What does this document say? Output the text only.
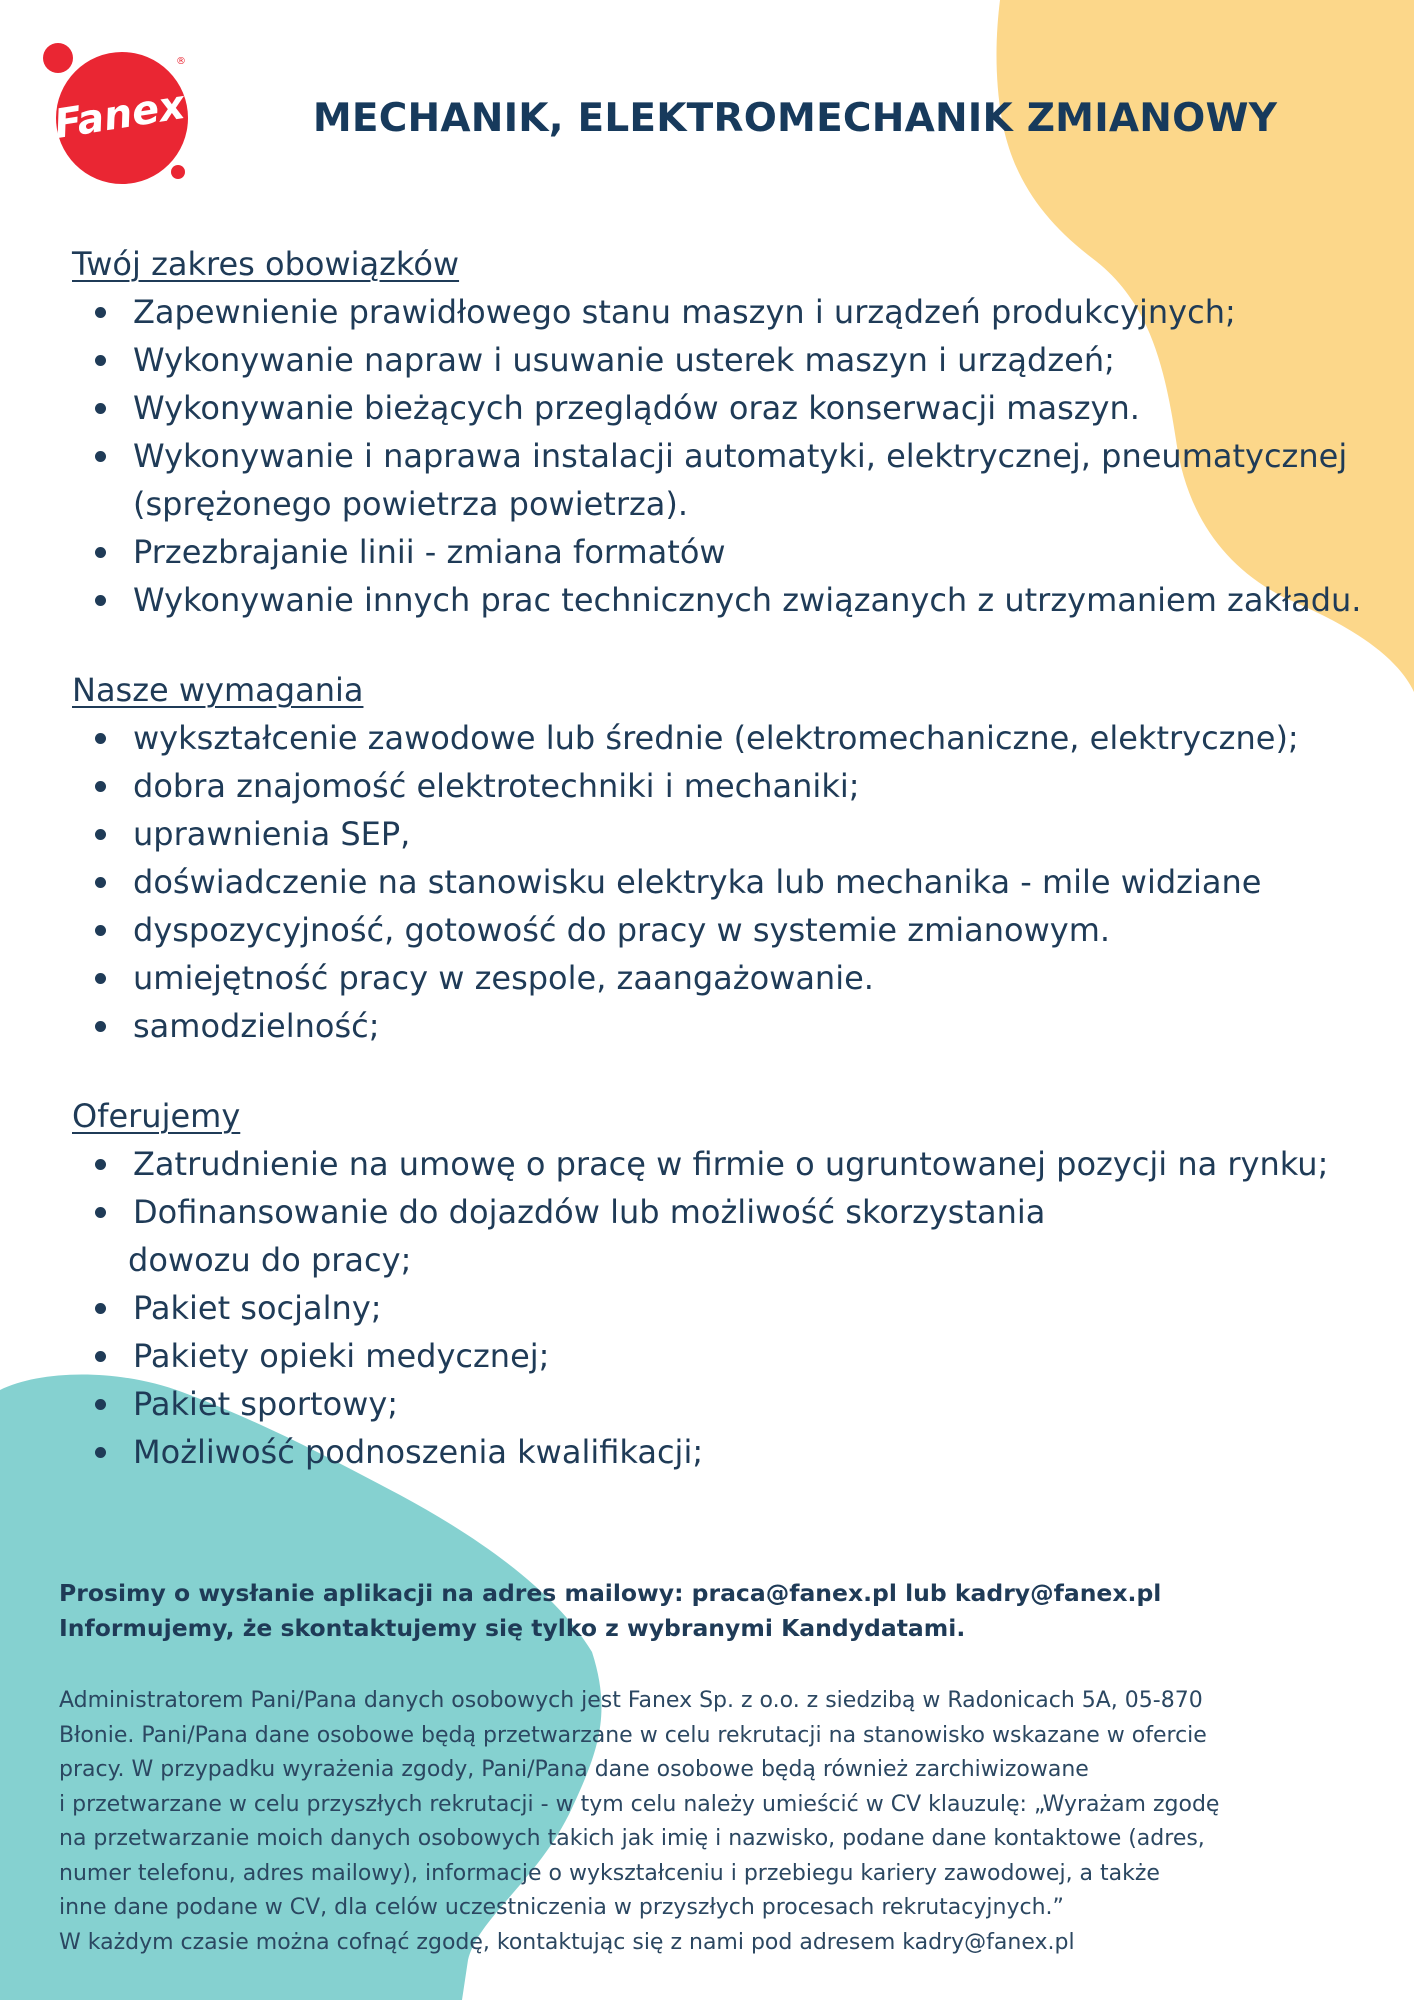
Fanex
®
MECHANIK, ELEKTROMECHANIK ZMIANOWY
Twój zakres obowiązków
Zapewnienie prawidłowego stanu maszyn i urządzeń produkcyjnych;
Wykonywanie napraw i usuwanie usterek maszyn i urządzeń;
Wykonywanie bieżących przeglądów oraz konserwacji maszyn.
Wykonywanie i naprawa instalacji automatyki, elektrycznej, pneumatycznej
(sprężonego powietrza powietrza).
Przezbrajanie linii - zmiana formatów
Wykonywanie innych prac technicznych związanych z utrzymaniem zakładu.
Nasze wymagania
wykształcenie zawodowe lub średnie (elektromechaniczne, elektryczne);
dobra znajomość elektrotechniki i mechaniki;
uprawnienia SEP,
doświadczenie na stanowisku elektryka lub mechanika - mile widziane
dyspozycyjność, gotowość do pracy w systemie zmianowym.
umiejętność pracy w zespole, zaangażowanie.
samodzielność;
Oferujemy
Zatrudnienie na umowę o pracę w firmie o ugruntowanej pozycji na rynku;
Dofinansowanie do dojazdów lub możliwość skorzystania
dowozu do pracy;
Pakiet socjalny;
Pakiety opieki medycznej;
Pakiet sportowy;
Możliwość podnoszenia kwalifikacji;

Prosimy o wysłanie aplikacji na adres mailowy: praca@fanex.pl lub kadry@fanex.pl

Informujemy, że skontaktujemy się tylko z wybranymi Kandydatami.

Administratorem Pani/Pana danych osobowych jest Fanex Sp. z o.o. z siedzibą w Radonicach 5A, 05-870

Błonie. Pani/Pana dane osobowe będą przetwarzane w celu rekrutacji na stanowisko wskazane w ofercie

pracy. W przypadku wyrażenia zgody, Pani/Pana dane osobowe będą również zarchiwizowane

i przetwarzane w celu przyszłych rekrutacji - w tym celu należy umieścić w CV klauzulę: „Wyrażam zgodę

na przetwarzanie moich danych osobowych takich jak imię i nazwisko, podane dane kontaktowe (adres,

numer telefonu, adres mailowy), informacje o wykształceniu i przebiegu kariery zawodowej, a także

inne dane podane w CV, dla celów uczestniczenia w przyszłych procesach rekrutacyjnych.”

W każdym czasie można cofnąć zgodę, kontaktując się z nami pod adresem kadry@fanex.pl
